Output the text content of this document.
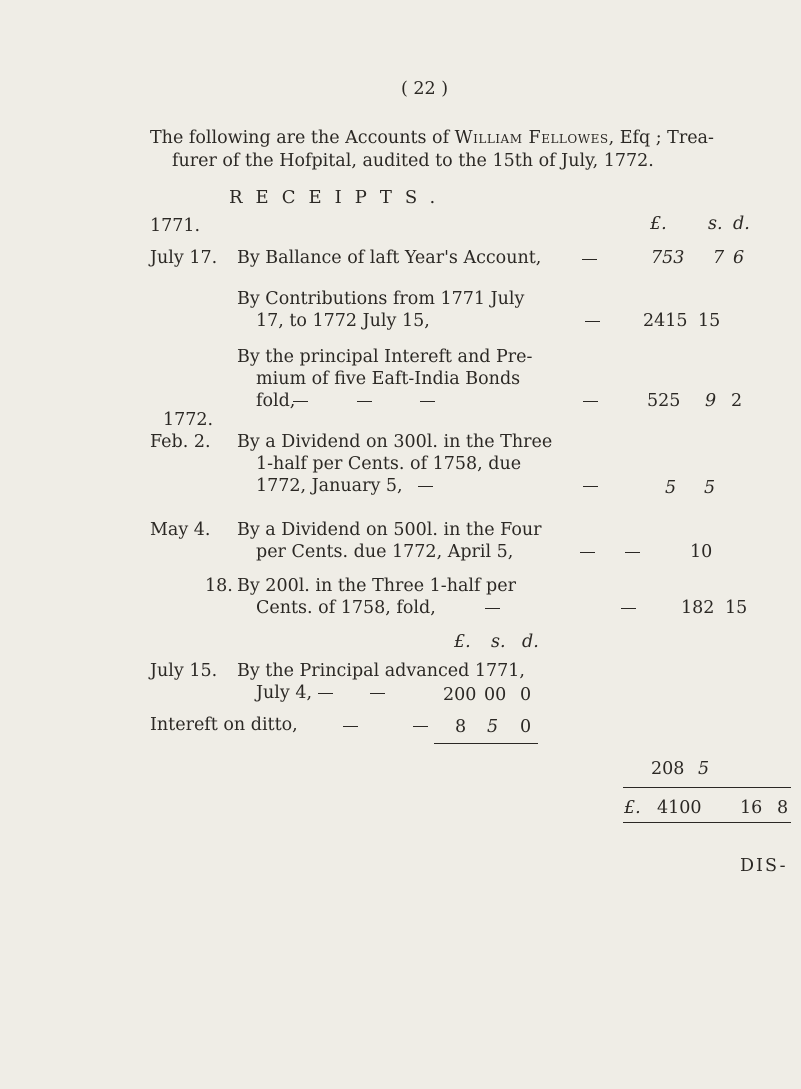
( 22 )
The following are the Accounts of William Fellowes, Efq ; Trea-
furer of the Hofpital, audited to the 15th of July, 1772.
RECEIPTS.
£. s. d.
1771.
July 17. By Ballance of laft Year's Account,	753 7 6
By Contributions from 1771 July
17, to 1772 July 15,	2415 15
By the principal Intereft and Pre-
mium of five Eaft-India Bonds
fold,	525 9 2
1772.
Feb. 2. By a Dividend on 300l. in the Three
1-half per Cents. of 1758, due
1772, January 5,	5 5
May 4. By a Dividend on 500l. in the Four
per Cents. due 1772, April 5,	10
18. By 200l. in the Three 1-half per
Cents. of 1758, fold,	182 15
£. s. d.
July 15. By the Principal advanced 1771,
July 4,	200 00 0
Intereft on ditto,	8 5 0
208 5
£. 4100 16 8
DIS-
